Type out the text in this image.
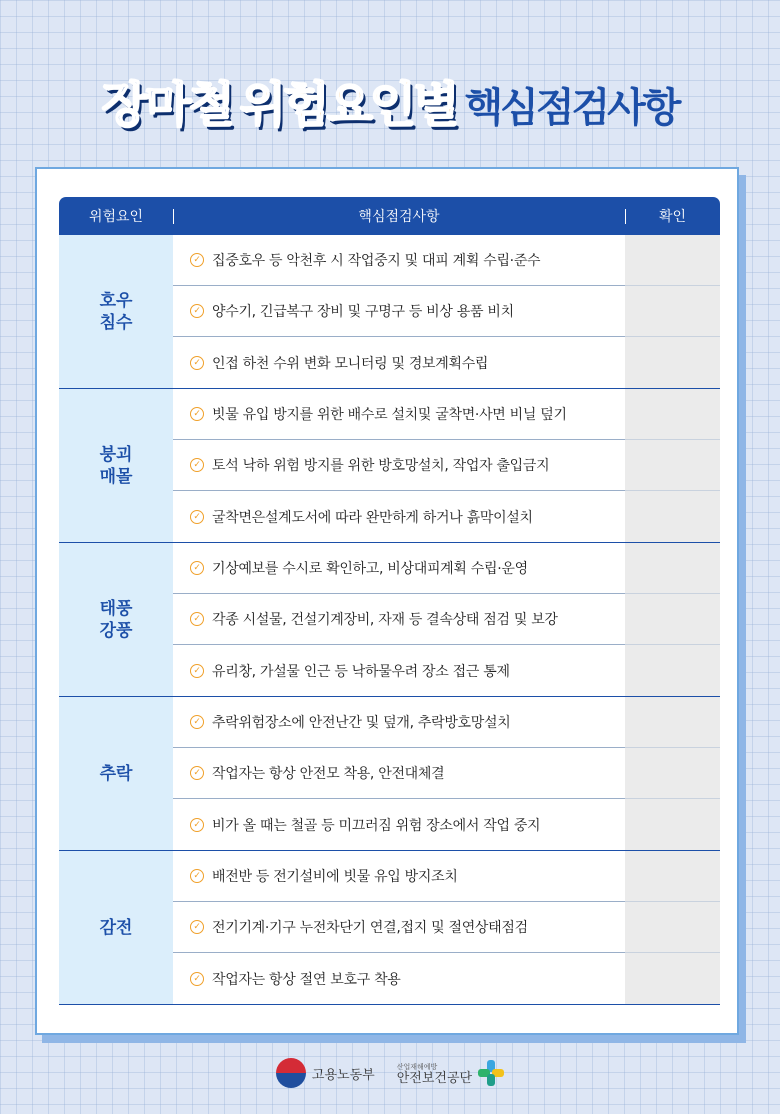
장마철 위험요인별 핵심점검사항
위험요인	핵심점검사항	확인
호우
침수
✓ 집중호우 등 악천후 시 작업중지 및 대피 계획 수립·준수
✓ 양수기, 긴급복구 장비 및 구명구 등 비상 용품 비치
✓ 인접 하천 수위 변화 모니터링 및 경보계획수립
붕괴
매몰
✓ 빗물 유입 방지를 위한 배수로 설치및 굴착면·사면 비닐 덮기
✓ 토석 낙하 위험 방지를 위한 방호망설치, 작업자 출입금지
✓ 굴착면은설계도서에 따라 완만하게 하거나 흙막이설치
태풍
강풍
✓ 기상예보를 수시로 확인하고, 비상대피계획 수립·운영
✓ 각종 시설물, 건설기계장비, 자재 등 결속상태 점검 및 보강
✓ 유리창, 가설물 인근 등 낙하물우려 장소 접근 통제
추락
✓ 추락위험장소에 안전난간 및 덮개, 추락방호망설치
✓ 작업자는 항상 안전모 착용, 안전대체결
✓ 비가 올 때는 철골 등 미끄러짐 위험 장소에서 작업 중지
감전
✓ 배전반 등 전기설비에 빗물 유입 방지조치
✓ 전기기계·기구 누전차단기 연결,접지 및 절연상태점검
✓ 작업자는 항상 절연 보호구 착용
고용노동부
산업재해예방
안전보건공단
